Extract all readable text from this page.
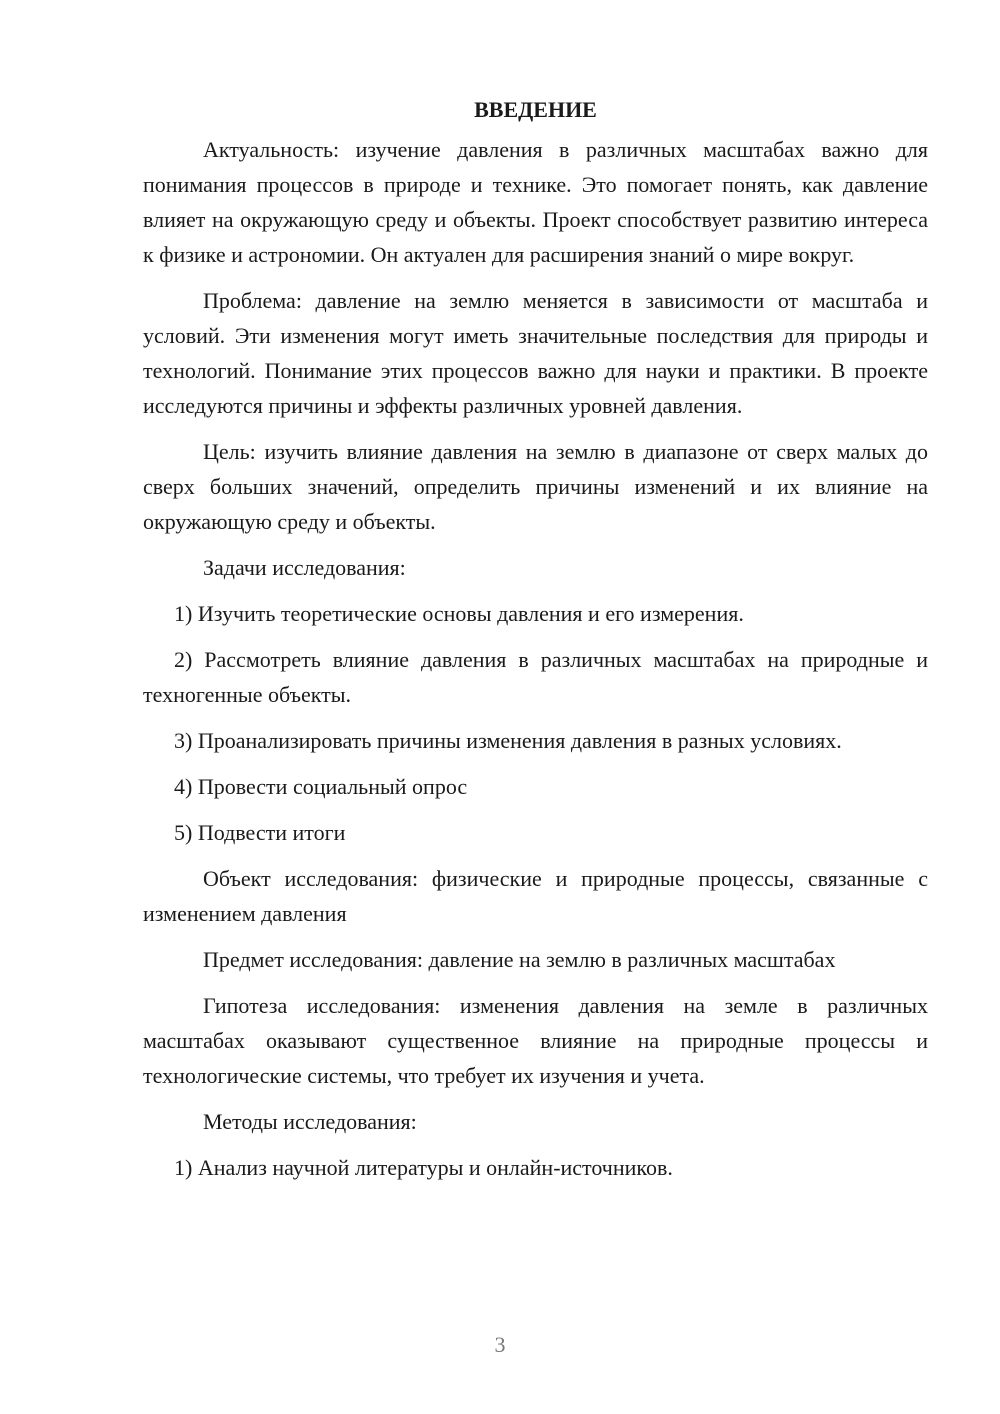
ВВЕДЕНИЕ

Актуальность: изучение давления в различных масштабах важно для понимания процессов в природе и технике. Это помогает понять, как давление влияет на окружающую среду и объекты. Проект способствует развитию интереса к физике и астрономии. Он актуален для расширения знаний о мире вокруг.

Проблема: давление на землю меняется в зависимости от масштаба и условий. Эти изменения могут иметь значительные последствия для природы и технологий. Понимание этих процессов важно для науки и практики. В проекте исследуются причины и эффекты различных уровней давления.

Цель: изучить влияние давления на землю в диапазоне от сверх малых до сверх больших значений, определить причины изменений и их влияние на окружающую среду и объекты.

Задачи исследования:

1) Изучить теоретические основы давления и его измерения.

2) Рассмотреть влияние давления в различных масштабах на природные и техногенные объекты.

3) Проанализировать причины изменения давления в разных условиях.

4) Провести социальный опрос

5) Подвести итоги

Объект исследования: физические и природные процессы, связанные с изменением давления

Предмет исследования: давление на землю в различных масштабах

Гипотеза исследования: изменения давления на земле в различных масштабах оказывают существенное влияние на природные процессы и технологические системы, что требует их изучения и учета.

Методы исследования:

1) Анализ научной литературы и онлайн-источников.

3
